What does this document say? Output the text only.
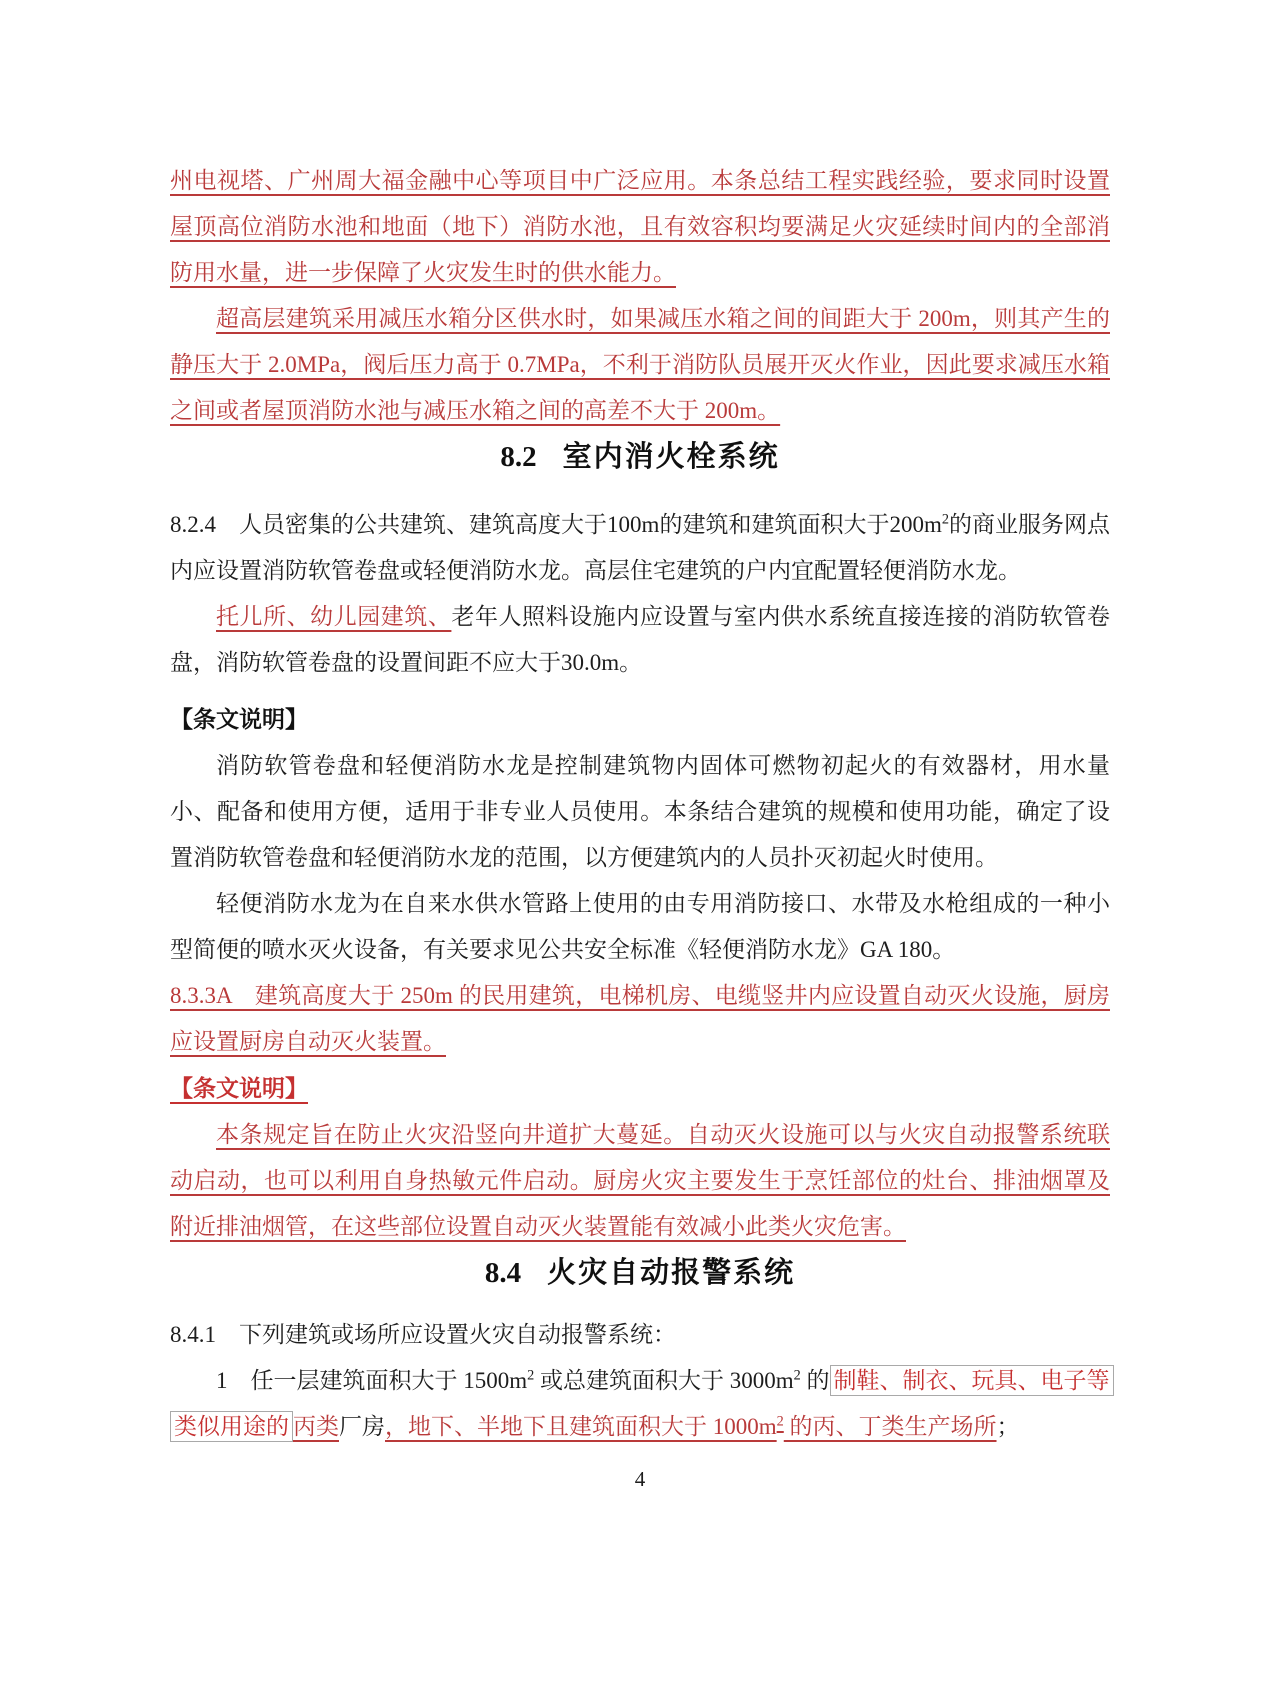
州电视塔、广州周大福金融中心等项目中广泛应用。本条总结工程实践经验，要求同时设置屋顶高位消防水池和地面（地下）消防水池，且有效容积均要满足火灾延续时间内的全部消防用水量，进一步保障了火灾发生时的供水能力。

超高层建筑采用减压水箱分区供水时，如果减压水箱之间的间距大于 200m，则其产生的静压大于 2.0MPa，阀后压力高于 0.7MPa，不利于消防队员展开灭火作业，因此要求减压水箱之间或者屋顶消防水池与减压水箱之间的高差不大于 200m。

8.2 室内消火栓系统

8.2.4　人员密集的公共建筑、建筑高度大于100m的建筑和建筑面积大于$200m^2$的商业服务网点内应设置消防软管卷盘或轻便消防水龙。高层住宅建筑的户内宜配置轻便消防水龙。

托儿所、幼儿园建筑、老年人照料设施内应设置与室内供水系统直接连接的消防软管卷盘，消防软管卷盘的设置间距不应大于30.0m。

【条文说明】

消防软管卷盘和轻便消防水龙是控制建筑物内固体可燃物初起火的有效器材，用水量小、配备和使用方便，适用于非专业人员使用。本条结合建筑的规模和使用功能，确定了设置消防软管卷盘和轻便消防水龙的范围，以方便建筑内的人员扑灭初起火时使用。

轻便消防水龙为在自来水供水管路上使用的由专用消防接口、水带及水枪组成的一种小型简便的喷水灭火设备，有关要求见公共安全标准《轻便消防水龙》GA 180。

8.3.3A　建筑高度大于 250m 的民用建筑，电梯机房、电缆竖井内应设置自动灭火设施，厨房应设置厨房自动灭火装置。

【条文说明】

本条规定旨在防止火灾沿竖向井道扩大蔓延。自动灭火设施可以与火灾自动报警系统联动启动，也可以利用自身热敏元件启动。厨房火灾主要发生于烹饪部位的灶台、排油烟罩及附近排油烟管，在这些部位设置自动灭火装置能有效减小此类火灾危害。

8.4 火灾自动报警系统

8.4.1　下列建筑或场所应设置火灾自动报警系统：

1　任一层建筑面积大于 $1500m^2$ 或总建筑面积大于 $3000m^2$ 的 制鞋、制衣、玩具、电子等类似用途的 丙类厂房，地下、半地下且建筑面积大于 $1000m^2$ 的丙、丁类生产场所；

4
